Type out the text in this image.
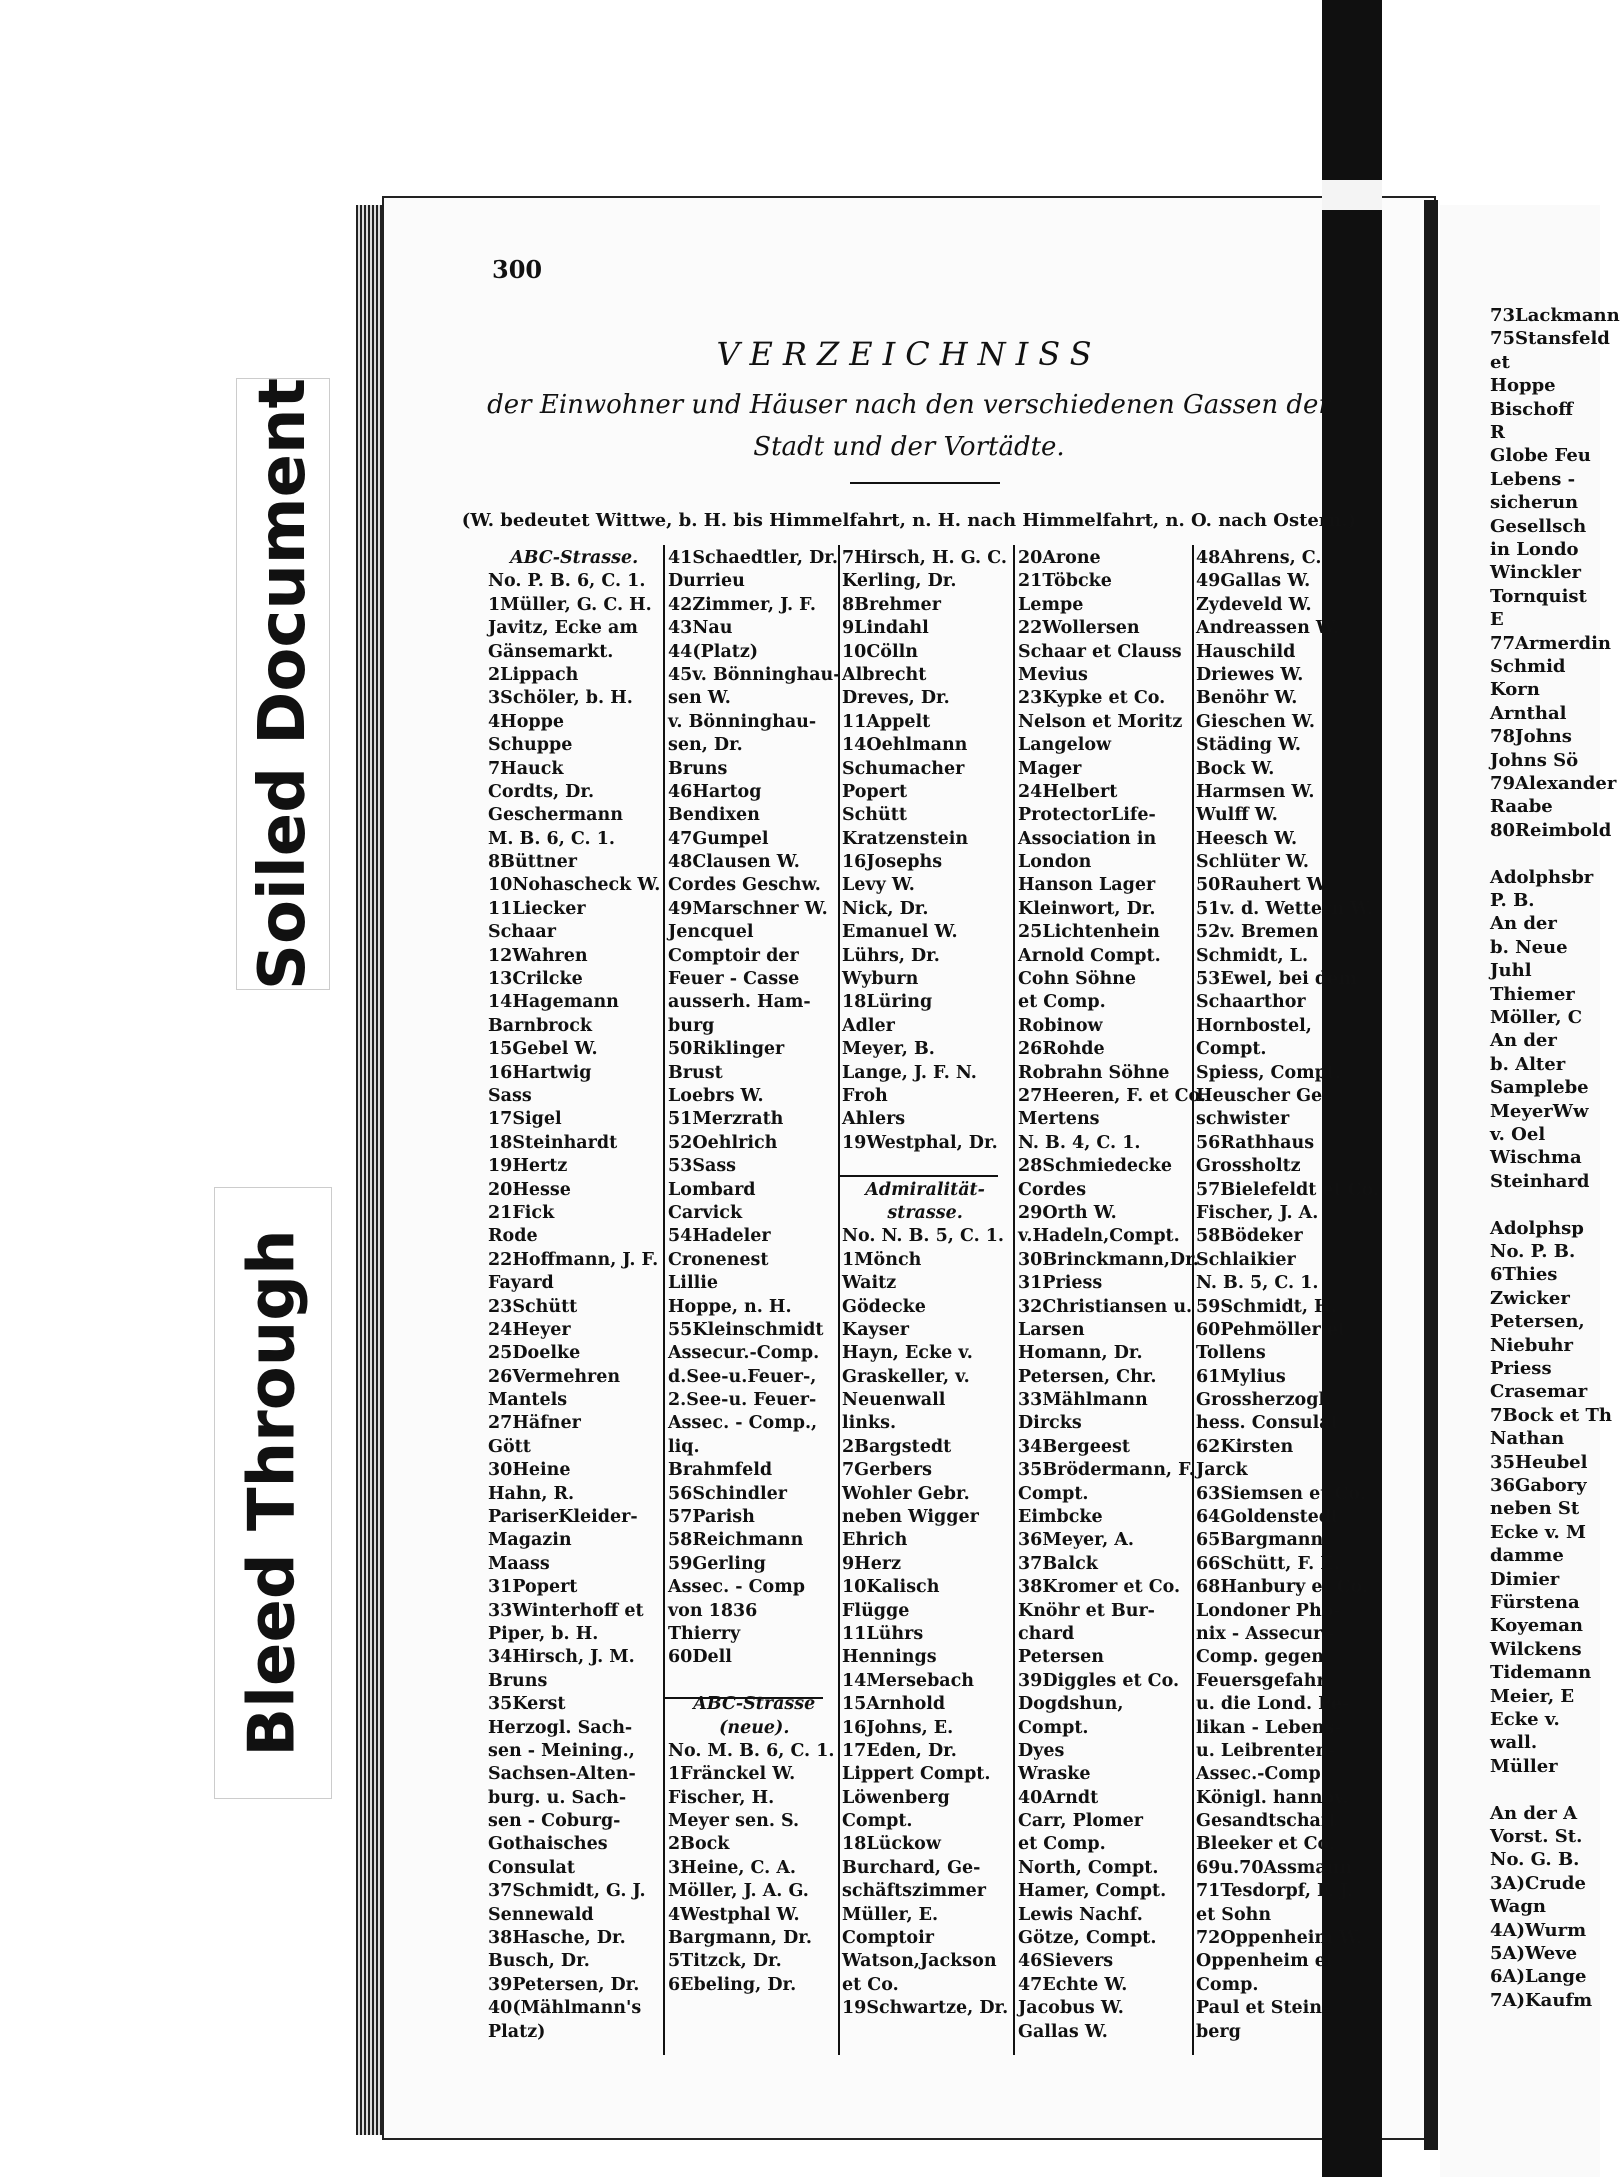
73Lackmann
75Stansfeld
et
Hoppe
Bischoff
R
Globe Feu
Lebens -
sicherun
Gesellsch
in Londo
Winckler
Tornquist
E
77Armerdin
Schmid
Korn
Arnthal
78Johns
Johns Sö
79Alexander
Raabe
80Reimbold
Adolphsbr
P. B.
An der
b. Neue
Juhl
Thiemer
Möller, C
An der
b. Alter
Samplebe
MeyerWw
v. Oel
Wischma
Steinhard
Adolphsp
No. P. B.
6Thies
Zwicker
Petersen,
Niebuhr
Priess
Crasemar
7Bock et Th
Nathan
35Heubel
36Gabory
neben St
Ecke v. M
damme
Dimier
Fürstena
Koyeman
Wilckens
Tidemann
Meier, E
Ecke v.
wall.
Müller
An der A
Vorst. St.
No. G. B.
3A)Crude
Wagn
4A)Wurm
5A)Weve
6A)Lange
7A)Kaufm
Soiled Document
Bleed Through
300
VERZEICHNISS
der Einwohner und Häuser nach den verschiedenen Gassen der
Stadt und der Vortädte.
(W. bedeutet Wittwe, b. H. bis Himmelfahrt, n. H. nach Himmelfahrt, n. O. nach Ostern.)
ABC-Strasse.
No. P. B. 6, C. 1.
1Müller, G. C. H.
Javitz, Ecke am
Gänsemarkt.
2Lippach
3Schöler, b. H.
4Hoppe
Schuppe
7Hauck
Cordts, Dr.
Geschermann
M. B. 6, C. 1.
8Büttner
10Nohascheck W.
11Liecker
Schaar
12Wahren
13Crilcke
14Hagemann
Barnbrock
15Gebel W.
16Hartwig
Sass
17Sigel
18Steinhardt
19Hertz
20Hesse
21Fick
Rode
22Hoffmann, J. F.
Fayard
23Schütt
24Heyer
25Doelke
26Vermehren
Mantels
27Häfner
Gött
30Heine
Hahn, R.
PariserKleider-
Magazin
Maass
31Popert
33Winterhoff et
Piper, b. H.
34Hirsch, J. M.
Bruns
35Kerst
Herzogl. Sach-
sen - Meining.,
Sachsen-Alten-
burg. u. Sach-
sen - Coburg-
Gothaisches
Consulat
37Schmidt, G. J.
Sennewald
38Hasche, Dr.
Busch, Dr.
39Petersen, Dr.
40(Mählmann's
Platz)
41Schaedtler, Dr.
Durrieu
42Zimmer, J. F.
43Nau
44(Platz)
45v. Bönninghau-
sen W.
v. Bönninghau-
sen, Dr.
Bruns
46Hartog
Bendixen
47Gumpel
48Clausen W.
Cordes Geschw.
49Marschner W.
Jencquel
Comptoir der
Feuer - Casse
ausserh. Ham-
burg
50Riklinger
Brust
Loebrs W.
51Merzrath
52Oehlrich
53Sass
Lombard
Carvick
54Hadeler
Cronenest
Lillie
Hoppe, n. H.
55Kleinschmidt
Assecur.-Comp.
d.See-u.Feuer-,
2.See-u. Feuer-
Assec. - Comp.,
liq.
Brahmfeld
56Schindler
57Parish
58Reichmann
59Gerling
Assec. - Comp
von 1836
Thierry
60Dell
ABC-Strasse
(neue).
No. M. B. 6, C. 1.
1Fränckel W.
Fischer, H.
Meyer sen. S.
2Bock
3Heine, C. A.
Möller, J. A. G.
4Westphal W.
Bargmann, Dr.
5Titzck, Dr.
6Ebeling, Dr.
7Hirsch, H. G. C.
Kerling, Dr.
8Brehmer
9Lindahl
10Cölln
Albrecht
Dreves, Dr.
11Appelt
14Oehlmann
Schumacher
Popert
Schütt
Kratzenstein
16Josephs
Levy W.
Nick, Dr.
Emanuel W.
Lührs, Dr.
Wyburn
18Lüring
Adler
Meyer, B.
Lange, J. F. N.
Froh
Ahlers
19Westphal, Dr.
Admiralität-
strasse.
No. N. B. 5, C. 1.
1Mönch
Waitz
Gödecke
Kayser
Hayn, Ecke v.
Graskeller, v.
Neuenwall
links.
2Bargstedt
7Gerbers
Wohler Gebr.
neben Wigger
Ehrich
9Herz
10Kalisch
Flügge
11Lührs
Hennings
14Mersebach
15Arnhold
16Johns, E.
17Eden, Dr.
Lippert Compt.
Löwenberg
Compt.
18Lückow
Burchard, Ge-
schäftszimmer
Müller, E.
Comptoir
Watson,Jackson
et Co.
19Schwartze, Dr.
20Arone
21Töbcke
Lempe
22Wollersen
Schaar et Clauss
Mevius
23Kypke et Co.
Nelson et Moritz
Langelow
Mager
24Helbert
ProtectorLife-
Association in
London
Hanson Lager
Kleinwort, Dr.
25Lichtenhein
Arnold Compt.
Cohn Söhne
et Comp.
Robinow
26Rohde
Robrahn Söhne
27Heeren, F. et Co.
Mertens
N. B. 4, C. 1.
28Schmiedecke
Cordes
29Orth W.
v.Hadeln,Compt.
30Brinckmann,Dr.
31Priess
32Christiansen u.
Larsen
Homann, Dr.
Petersen, Chr.
33Mählmann
Dircks
34Bergeest
35Brödermann, F.
Compt.
Eimbcke
36Meyer, A.
37Balck
38Kromer et Co.
Knöhr et Bur-
chard
Petersen
39Diggles et Co.
Dogdshun,
Compt.
Dyes
Wraske
40Arndt
Carr, Plomer
et Comp.
North, Compt.
Hamer, Compt.
Lewis Nachf.
Götze, Compt.
46Sievers
47Echte W.
Jacobus W.
Gallas W.
48Ahrens, C.
49Gallas W.
Zydeveld W.
Andreassen W.
Hauschild
Driewes W.
Benöhr W.
Gieschen W.
Städing W.
Bock W.
Harmsen W.
Wulff W.
Heesch W.
Schlüter W.
50Rauhert W.
51v. d. Wettern W.
52v. Bremen
Schmidt, L.
53Ewel, bei dem
Schaarthor
Hornbostel,
Compt.
Spiess, Compt.
Heuscher Ge-
schwister
56Rathhaus
Grossholtz
57Bielefeldt et Co.
Fischer, J. A.
58Bödeker
Schlaikier
N. B. 5, C. 1.
59Schmidt, H.
60Pehmöller et
Tollens
61Mylius
Grossherzogl.
hess. Consulat
62Kirsten
Jarck
63Siemsen et Co.
64Goldenstedt
65Bargmann
66Schütt, F. E.
68Hanbury et Co.
Londoner Phö-
nix - Assecur.-
Comp. gegen
Feuersgefahr,
u. die Lond. Pe-
likan - Lebens-
u. Leibrenten-
Assec.-Comp.
Königl. hannov.
Gesandtschaft
Bleeker et Co.
69u.70Assmann
71Tesdorpf, F. J.
et Sohn
72Oppenheim W.
Oppenheim et
Comp.
Paul et Stein-
berg
